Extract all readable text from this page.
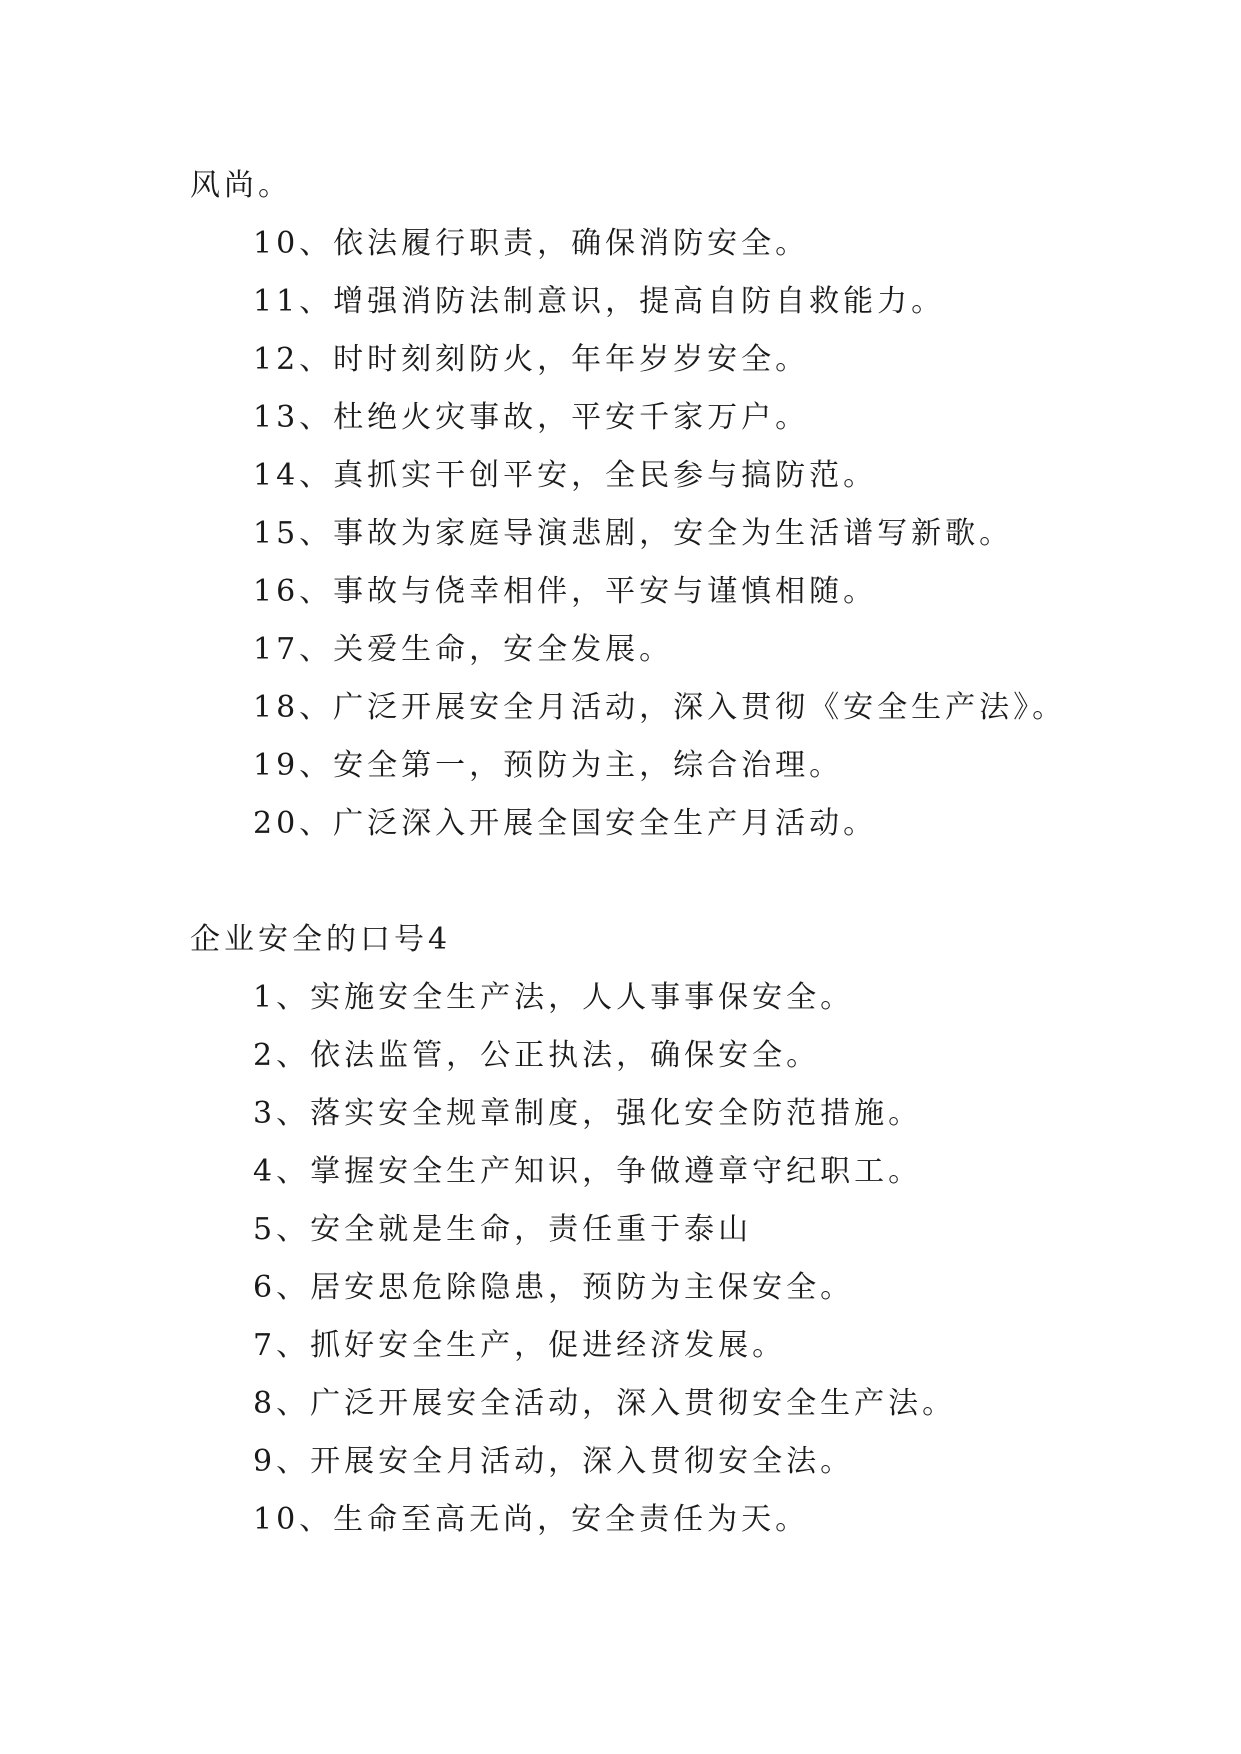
风尚。
10、依法履行职责，确保消防安全。
11、增强消防法制意识，提高自防自救能力。
12、时时刻刻防火，年年岁岁安全。
13、杜绝火灾事故，平安千家万户。
14、真抓实干创平安，全民参与搞防范。
15、事故为家庭导演悲剧，安全为生活谱写新歌。
16、事故与侥幸相伴，平安与谨慎相随。
17、关爱生命，安全发展。
18、广泛开展安全月活动，深入贯彻《安全生产法》。
19、安全第一，预防为主，综合治理。
20、广泛深入开展全国安全生产月活动。
企业安全的口号4
1、实施安全生产法，人人事事保安全。
2、依法监管，公正执法，确保安全。
3、落实安全规章制度，强化安全防范措施。
4、掌握安全生产知识，争做遵章守纪职工。
5、安全就是生命，责任重于泰山
6、居安思危除隐患，预防为主保安全。
7、抓好安全生产，促进经济发展。
8、广泛开展安全活动，深入贯彻安全生产法。
9、开展安全月活动，深入贯彻安全法。
10、生命至高无尚，安全责任为天。
